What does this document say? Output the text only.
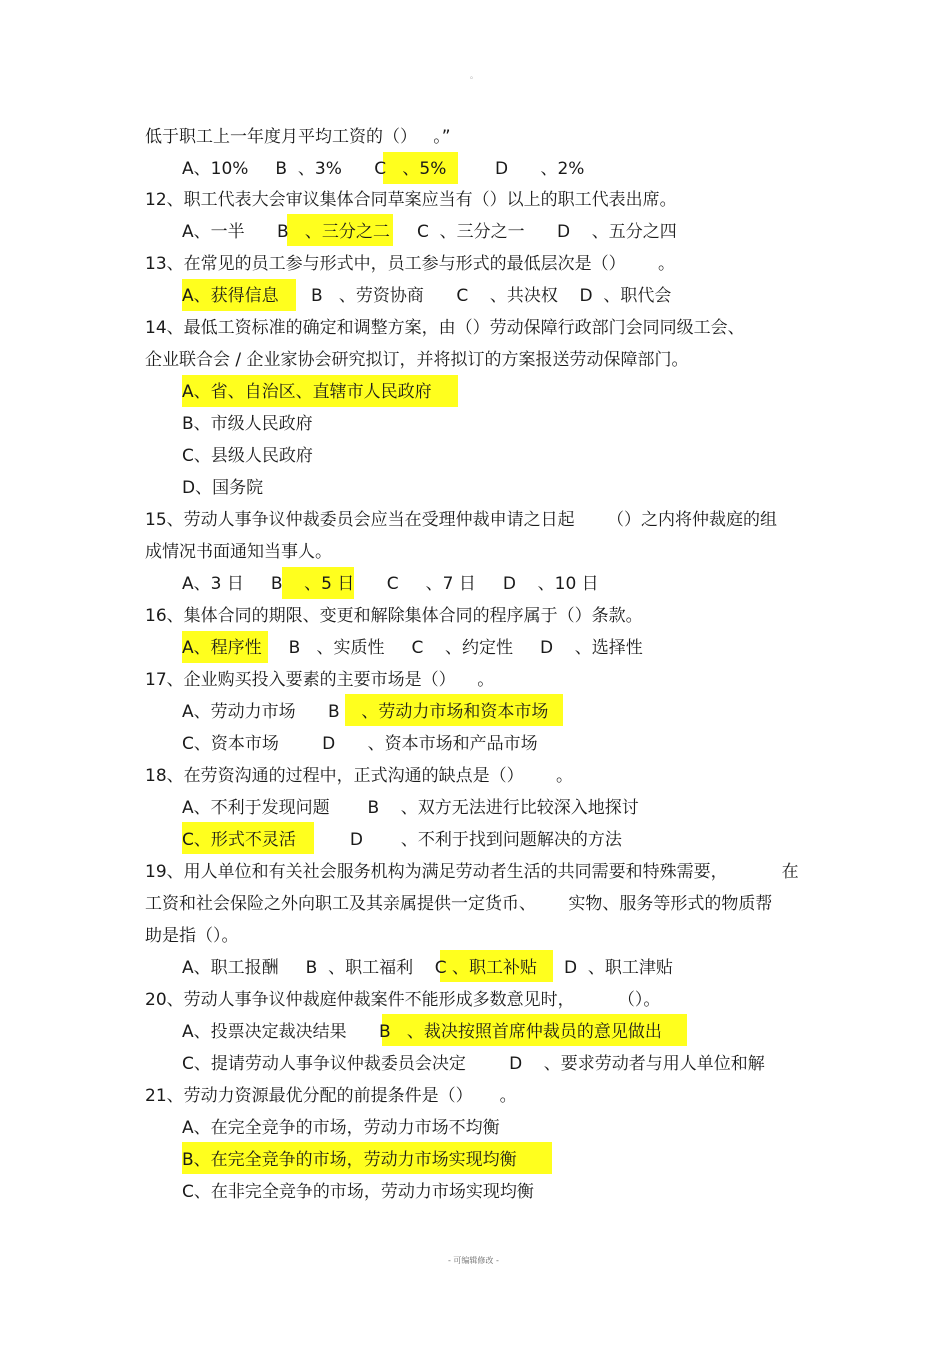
。
低于职工上一年度月平均工资的（）   。”
A、10%     B  、3%      C   、5%         D      、2%
12、职工代表大会审议集体合同草案应当有（）以上的职工代表出席。
A、一半      B   、三分之二     C  、三分之一      D    、五分之四
13、在常见的员工参与形式中，员工参与形式的最低层次是（）      。
A、获得信息      B   、劳资协商      C    、共决权    D  、职代会
14、最低工资标准的确定和调整方案，由（）劳动保障行政部门会同同级工会、
企业联合会 / 企业家协会研究拟订，并将拟订的方案报送劳动保障部门。
A、省、自治区、直辖市人民政府
B、市级人民政府
C、县级人民政府
D、国务院
15、劳动人事争议仲裁委员会应当在受理仲裁申请之日起      （）之内将仲裁庭的组
成情况书面通知当事人。
A、3 日     B    、5 日      C     、7 日     D    、10 日
16、集体合同的期限、变更和解除集体合同的程序属于（）条款。
A、程序性     B   、实质性     C    、约定性     D    、选择性
17、企业购买投入要素的主要市场是（）    。
A、劳动力市场      B    、劳动力市场和资本市场
C、资本市场        D      、资本市场和产品市场
18、在劳资沟通的过程中，正式沟通的缺点是（）      。
A、不利于发现问题       B    、双方无法进行比较深入地探讨
C、形式不灵活          D       、不利于找到问题解决的方法
19、用人单位和有关社会服务机构为满足劳动者生活的共同需要和特殊需要，          在
工资和社会保险之外向职工及其亲属提供一定货币、      实物、服务等形式的物质帮
助是指（）。
A、职工报酬     B  、职工福利    C 、职工补贴     D  、职工津贴
20、劳动人事争议仲裁庭仲裁案件不能形成多数意见时，        （）。
A、投票决定裁决结果      B   、裁决按照首席仲裁员的意见做出
C、提请劳动人事争议仲裁委员会决定        D    、要求劳动者与用人单位和解
21、劳动力资源最优分配的前提条件是（）     。
A、在完全竞争的市场，劳动力市场不均衡
B、在完全竞争的市场，劳动力市场实现均衡
C、在非完全竞争的市场，劳动力市场实现均衡
- 可编辑修改 -
